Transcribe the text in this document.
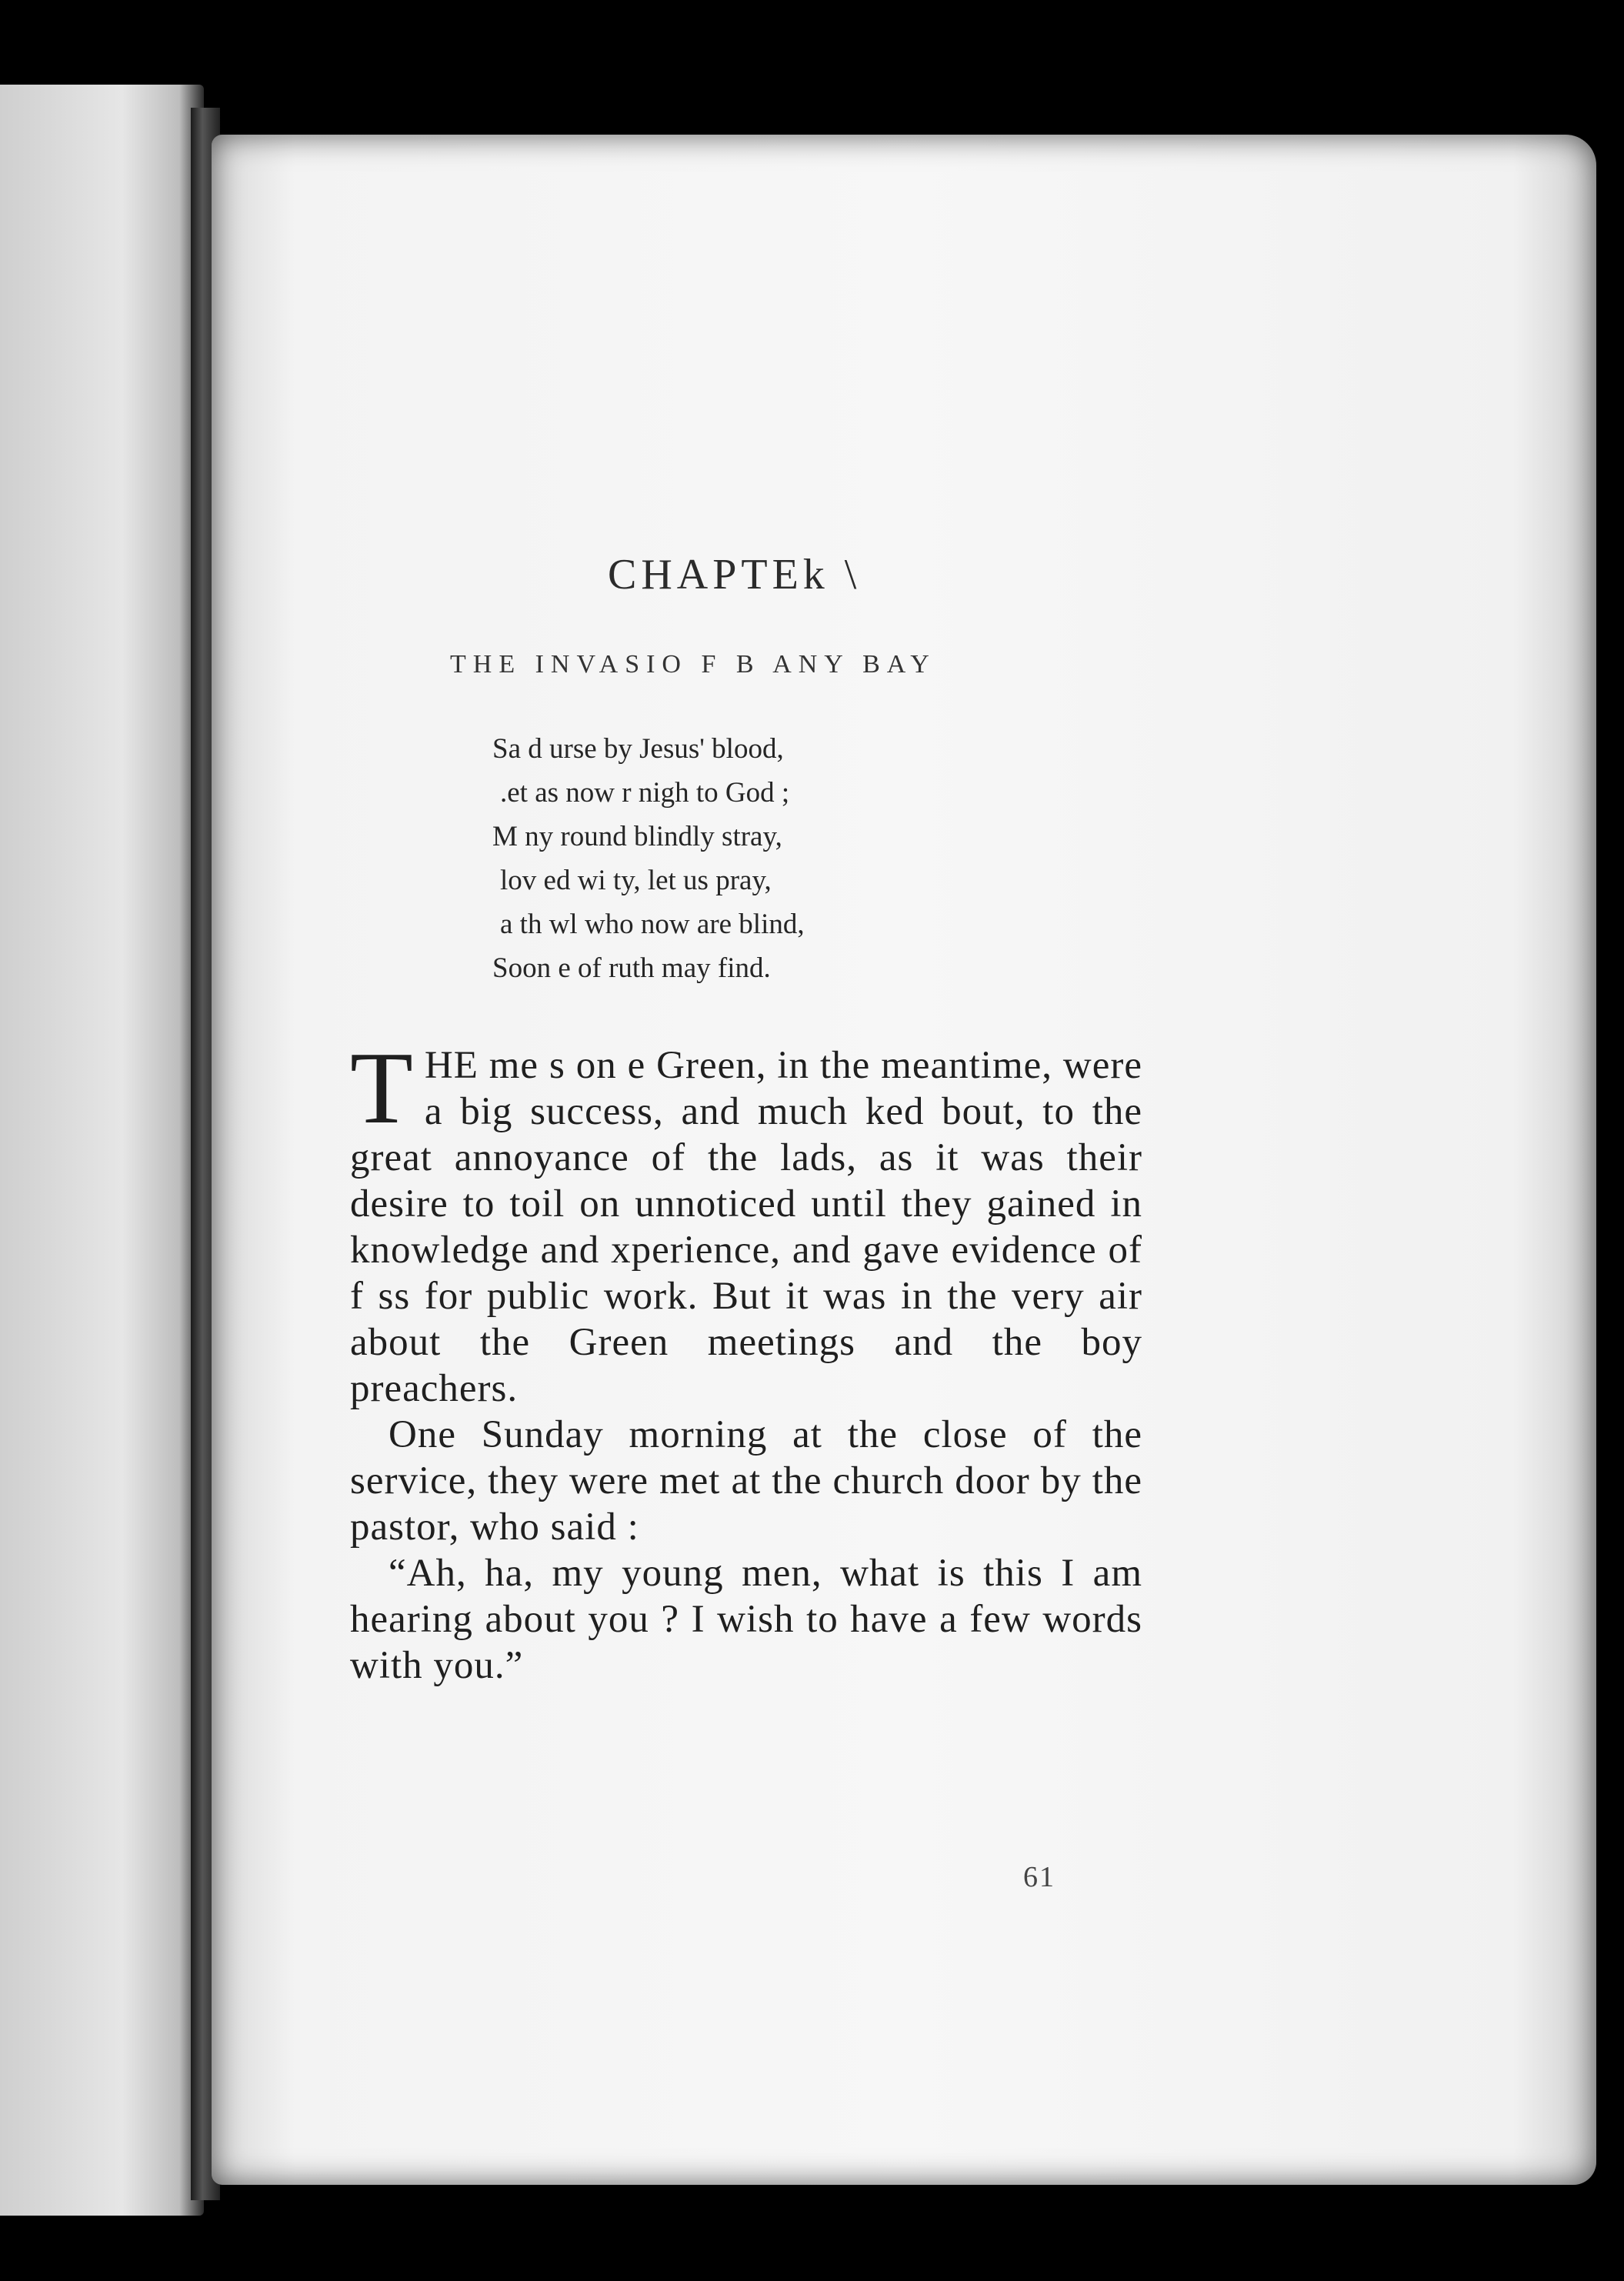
CHAPTEk \
THE INVASIO F B ANY BAY
Sa d urse by Jesus' blood,
.et as now r nigh to God ;
M ny round blindly stray,
lov ed wi ty, let us pray,
a th wl who now are blind,
Soon e of ruth may find.

THE me s on e Green, in the meantime, were a big success, and much ked bout, to the great annoyance of the lads, as it was their desire to toil on unnoticed until they gained in knowledge and xperience, and gave evidence of f ss for public work. But it was in the very air about the Green meetings and the boy preachers.

One Sunday morning at the close of the service, they were met at the church door by the pastor, who said :

“Ah, ha, my young men, what is this I am hearing about you ? I wish to have a few words with you.”

61
